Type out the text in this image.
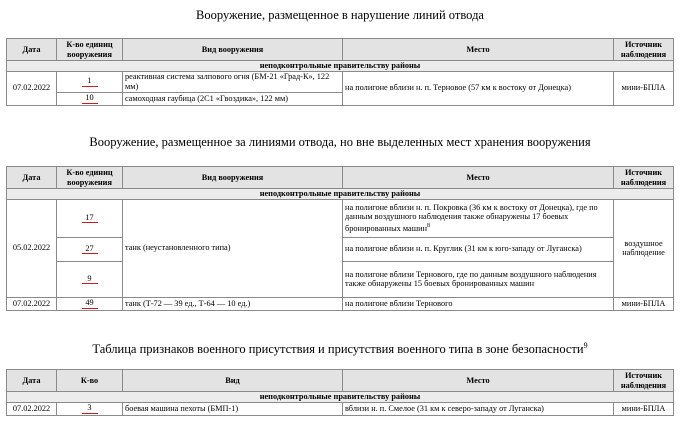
Вооружение, размещенное в нарушение линий отвода
Дата	К-во единиц вооружения	Вид вооружения	Место	Источник наблюдения
неподконтрольные правительству районы				
07.02.2022	1	реактивная система залпового огня (БМ-21 «Град-К», 122 мм)	на полигоне вблизи н. п. Терновое (57 км к востоку от Донецка)	мини-БПЛА
	10	самоходная гаубица (2С1 «Гвоздика», 122 мм)		
Вооружение, размещенное за линиями отвода, но вне выделенных мест хранения вооружения
Дата	К-во единиц вооружения	Вид вооружения	Место	Источник наблюдения
неподконтрольные правительству районы				
05.02.2022	17	танк (неустановленного типа)	на полигоне вблизи н. п. Покровка (36 км к востоку от Донецка), где по данным воздушного наблюдения также обнаружены 17 боевых бронированных машин$^8$	воздушное наблюдение
	27		на полигоне вблизи н. п. Круглик (31 км к юго-западу от Луганска)	
	9		на полигоне вблизи Тернового, где по данным воздушного наблюдения также обнаружены 15 боевых бронированных машин	
07.02.2022	49	танк (Т-72 — 39 ед., Т-64 — 10 ед.)	на полигоне вблизи Тернового	мини-БПЛА
Таблица признаков военного присутствия и присутствия военного типа в зоне безопасности$^9$
Дата	К-во	Вид	Место	Источник наблюдения
неподконтрольные правительству районы				
07.02.2022	3	боевая машина пехоты (БМП-1)	вблизи н. п. Смелое (31 км к северо-западу от Луганска)	мини-БПЛА
